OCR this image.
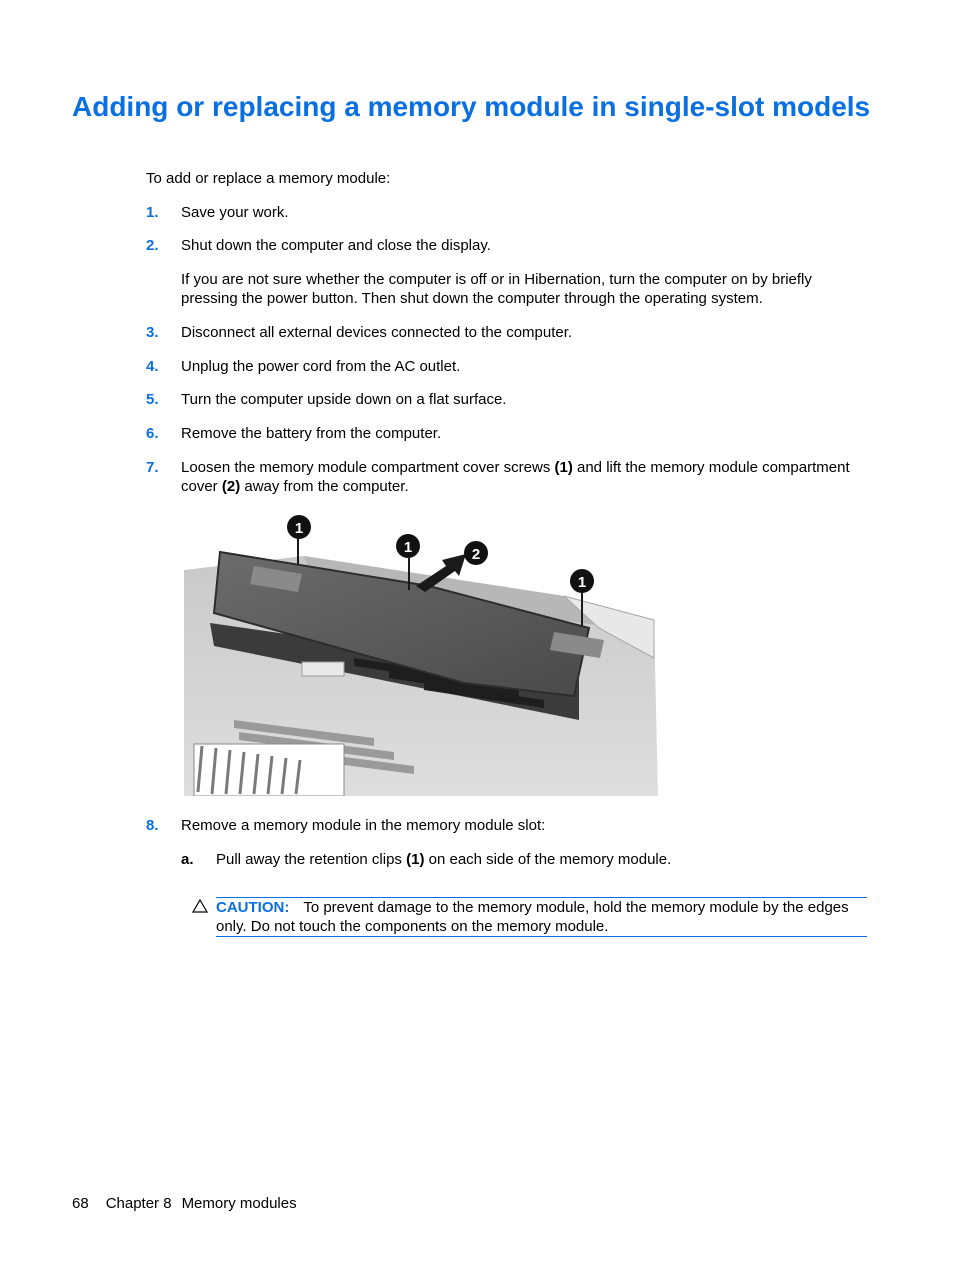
Adding or replacing a memory module in single-slot models

To add or replace a memory module:

1. Save your work.
2. Shut down the computer and close the display.

If you are not sure whether the computer is off or in Hibernation, turn the computer on by briefly pressing the power button. Then shut down the computer through the operating system.

3. Disconnect all external devices connected to the computer.
4. Unplug the power cord from the AC outlet.
5. Turn the computer upside down on a flat surface.
6. Remove the battery from the computer.
7. Loosen the memory module compartment cover screws (1) and lift the memory module compartment cover (2) away from the computer.
1
1	2
1
8. Remove a memory module in the memory module slot:
a. Pull away the retention clips (1) on each side of the memory module.
CAUTION: To prevent damage to the memory module, hold the memory module by the edges only. Do not touch the components on the memory module.
68 Chapter 8 Memory modules
